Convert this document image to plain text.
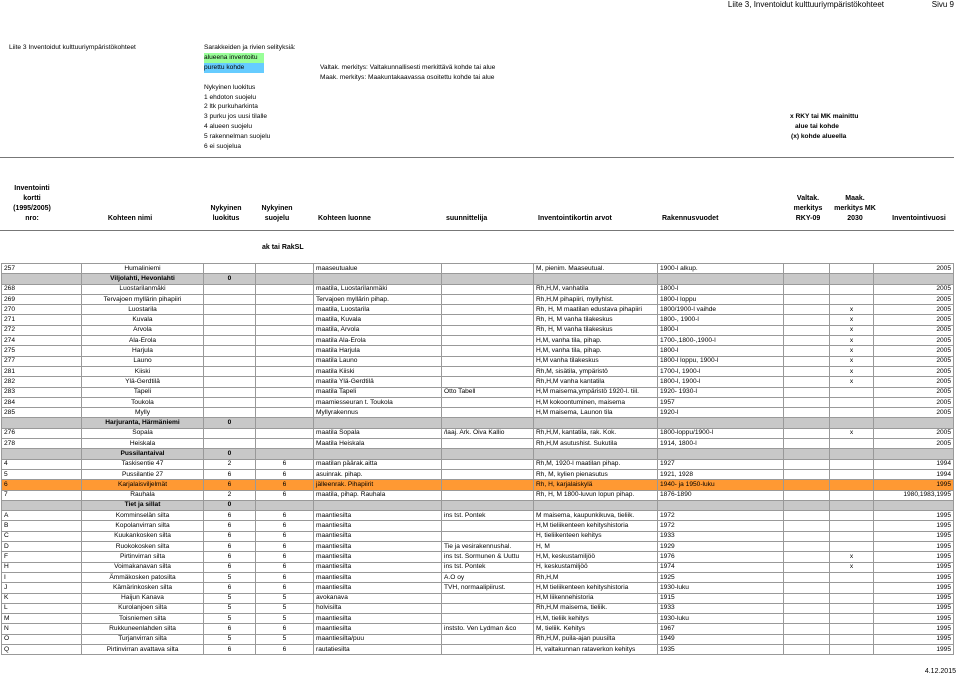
Liite 3, Inventoidut kulttuuriympäristökohteet	Sivu 9
Liite 3 Inventoidut kulttuuriympäristökohteet	Sarakkeiden ja rivien selityksiä:
alueena inventoitu
purettu kohde	Valtak. merkitys: Valtakunnallisesti merkittävä kohde tai alue
Maak. merkitys: Maakuntakaavassa osoitettu kohde tai alue
Nykyinen luokitus
1 ehdoton suojelu
2 ltk purkuharkinta
3 purku jos uusi tilalle
4 alueen suojelu
5 rakennelman suojelu
6 ei suojelua
x RKY tai MK mainittu
alue tai kohde
(x) kohde alueella
Inventointi kortti (1995/2005) nro:	Kohteen nimi
Nykyinen luokitus
Nykyinen suojelu	Kohteen luonne	suunnittelija	Inventointikortin arvot	Rakennusvuodet
Valtak. merkitys RKY-09
Maak. merkitys MK 2030	Inventointivuosi
ak tai RakSL
257	Humaliniemi			maaseutualue		M, pienim. Maaseutual.	1900-l alkup.			2005
	Viljolahti, Hevonlahti	0								
268	Luostarilanmäki			maatila, Luostarilanmäki		Rh,H,M, vanhatila	1800-l			2005
269	Tervajoen myllärin pihapiiri			Tervajoen myllärin pihap.		Rh,H,M pihapiiri, myllyhist.	1800-l loppu			2005
270	Luostarila			maatila, Luostarila		Rh, H, M maatilan edustava pihapiiri	1800/1900-l vaihde		x	2005
271	Kuvala			maatila, Kuvala		Rh, H, M vanha tilakeskus	1800-, 1900-l		x	2005
272	Arvola			maatila, Arvola		Rh, H, M vanha tilakeskus	1800-l		x	2005
274	Ala-Erola			maatila Ala-Erola		H,M, vanha tila, pihap.	1700-,1800-,1900-l		x	2005
275	Harjula			maatila Harjula		H,M, vanha tila, pihap.	1800-l		x	2005
277	Launo			maatila Launo		H,M vanha tilakeskus	1800-l loppu, 1900-l		x	2005
281	Kiiski			maatila Kiiski		Rh,M, sisätila, ympäristö	1700-l, 1900-l		x	2005
282	Ylä-Gerdtilä			maatila Ylä-Gerdtilä		Rh,H,M vanha kantatila	1800-l, 1900-l		x	2005
283	Tapeli			maatila Tapeli	Otto Tabell	H,M maisema,ympäristö 1920-l. tiil.	1920- 1930-l			2005
284	Toukola			maamiesseuran t. Toukola		H,M kokoontuminen, maisema	1957			2005
285	Mylly			Myllyrakennus		H,M maisema, Launon tila	1920-l			2005
	Harjuranta, Härmäniemi	0								
276	Sopala			maatila Sopala	/laaj. Ark. Oiva Kallio	Rh,H,M, kantatila, rak. Kok.	1800-loppu/1900-l		x	2005
278	Heiskala			Maatila Heiskala		Rh,H,M asutushist. Sukutila	1914, 1800-l			2005
	Pussilantaival	0								
4	Taskisentie 47	2	6	maatilan päärak.aitta		Rh,M, 1920-l maatilan pihap.	1927			1994
5	Pussilantie 27	6	6	asuinrak. pihap.		Rh, M, kylien pienasutus	1921, 1928			1994
6	Karjalaisviljelmät	6	6	jälleenrak. Pihapiirit		Rh, H, karjalaiskylä	1940- ja 1950-luku			1995
7	Rauhala	2	6	maatila, pihap. Rauhala		Rh, H, M 1800-luvun lopun pihap.	1876-1890			1980,1983,1995
	Tiet ja sillat	0								
A	Komminselän silta	6	6	maantiesilta	ins tst. Pontek	M maisema, kaupunkikuva, tieliik.	1972			1995
B	Kopolanvirran silta	6	6	maantiesilta		H,M tieliikenteen kehityshistoria	1972			1995
C	Kuukankosken silta	6	6	maantiesilta		H, tieliikenteen kehitys	1933			1995
D	Ruokokosken silta	6	6	maantiesilta	Tie ja vesirakennushal.	H, M	1929			1995
F	Pirtinvirran silta	6	6	maantiesilta	ins tst. Sormunen & Uuttu	H,M, keskustamiljöö	1976		x	1995
H	Voimakanavan silta	6	6	maantiesilta	ins tst. Pontek	H, keskustamiljöö	1974		x	1995
I	Ämmäkosken patosilta	5	6	maantiesilta	A.O oy	Rh,H,M	1925			1995
J	Kämärinkosken silta	6	6	maantiesilta	TVH, normaalipiirust.	H,M tieliikenteen kehityshistoria	1930-luku			1995
K	Haijun Kanava	5	5	avokanava		H,M liikennehistoria	1915			1995
L	Kurolanjoen silta	5	5	holvisilta		Rh,H,M maisema, tieliik.	1933			1995
M	Toisniemen silta	5	5	maantiesilta		H,M, tieliik kehitys	1930-luku			1995
N	Rukkuneenlahden silta	6	6	maantiesilta	inststo. Ven Lydman &co	M, tieliik. Kehitys	1967			1995
O	Turjanvirran silta	5	5	maantiesilta/puu		Rh,H,M, puila-ajan puusilta	1949			1995
Q	Pirtinvirran avattava silta	6	6	rautatiesilta		H, valtakunnan rataverkon kehitys	1935			1995
4.12.2015
